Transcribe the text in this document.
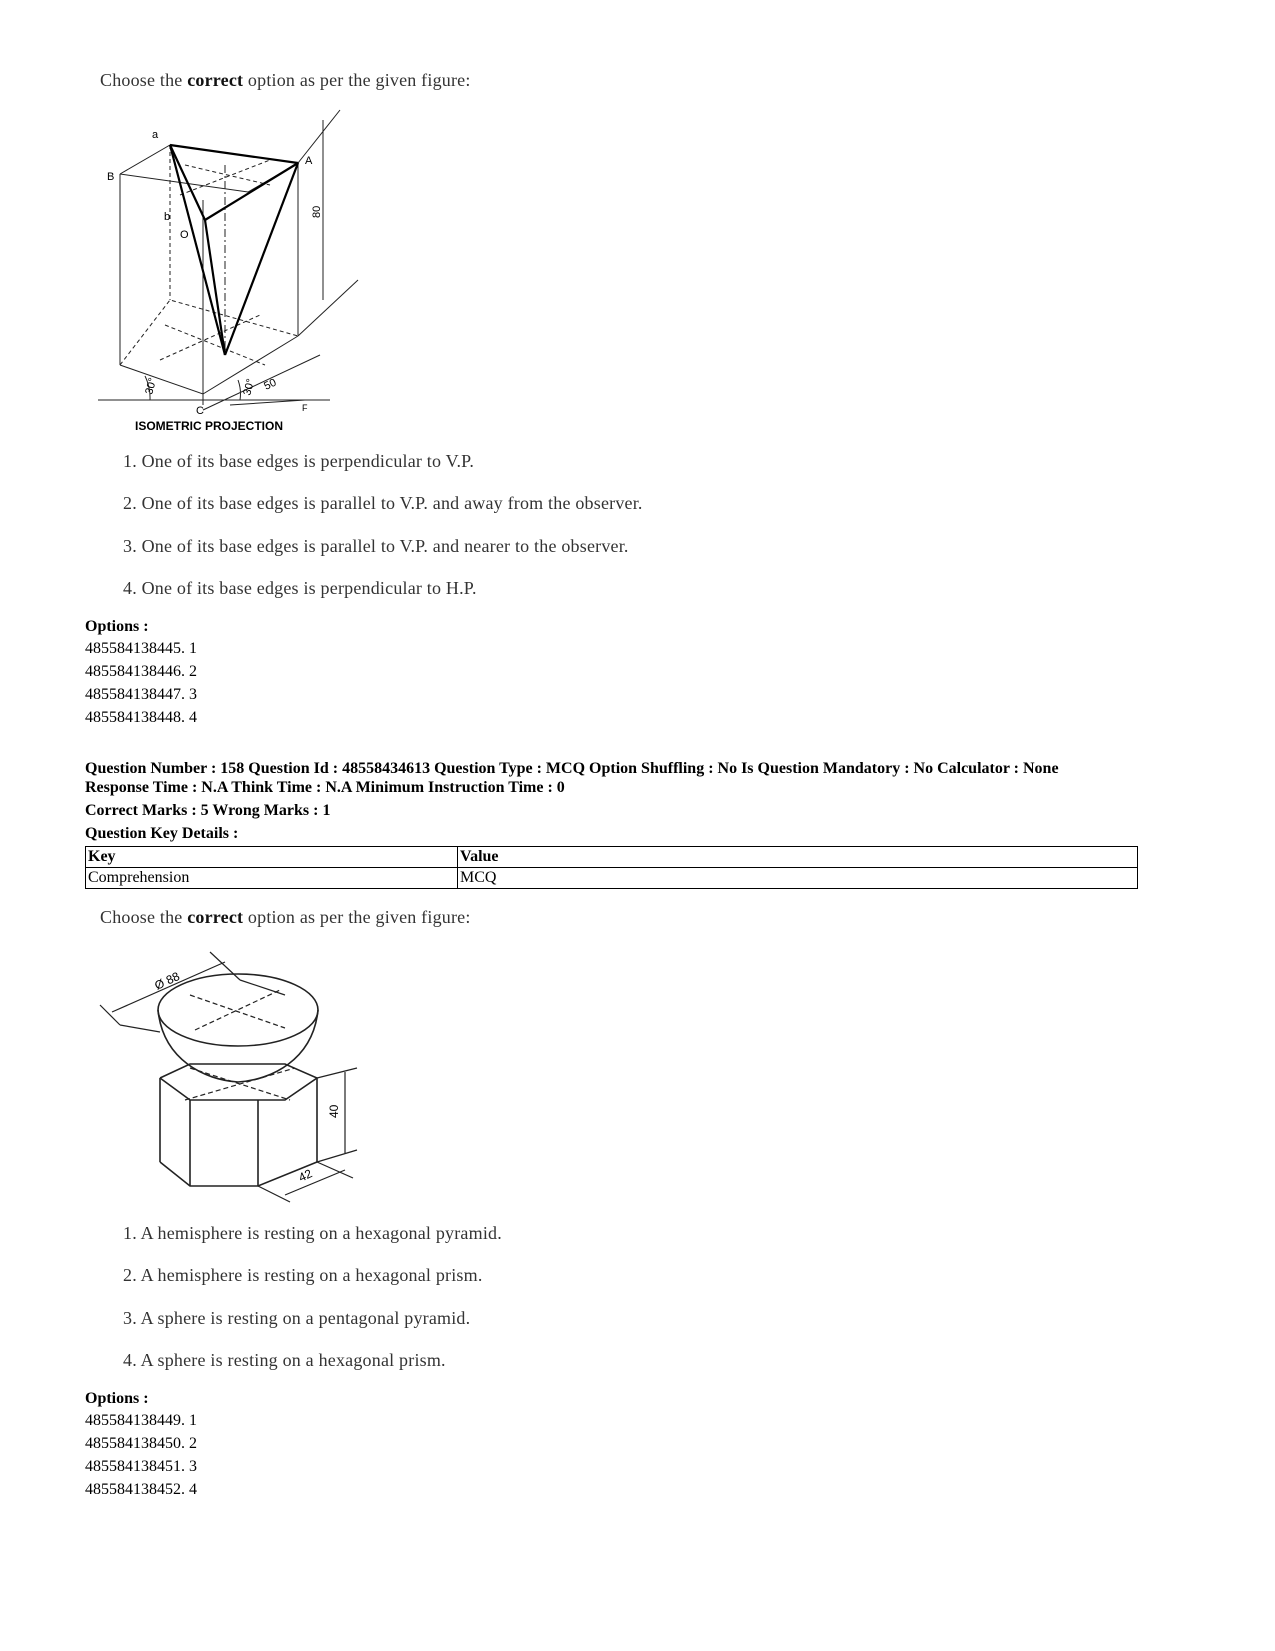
Choose the correct option as per the given figure:
a
A
B
b
O
C	F
80
50
30°	30°
ISOMETRIC PROJECTION
1. One of its base edges is perpendicular to V.P.
2. One of its base edges is parallel to V.P. and away from the observer.
3. One of its base edges is parallel to V.P. and nearer to the observer.
4. One of its base edges is perpendicular to H.P.
Options :
485584138445. 1
485584138446. 2
485584138447. 3
485584138448. 4
Question Number : 158 Question Id : 48558434613 Question Type : MCQ Option Shuffling : No Is Question Mandatory : No Calculator : None
Response Time : N.A Think Time : N.A Minimum Instruction Time : 0
Correct Marks : 5 Wrong Marks : 1
Question Key Details :
Key	Value
Comprehension	MCQ
Choose the correct option as per the given figure:
Ø 88
40
42
1. A hemisphere is resting on a hexagonal pyramid.
2. A hemisphere is resting on a hexagonal prism.
3. A sphere is resting on a pentagonal pyramid.
4. A sphere is resting on a hexagonal prism.
Options :
485584138449. 1
485584138450. 2
485584138451. 3
485584138452. 4
